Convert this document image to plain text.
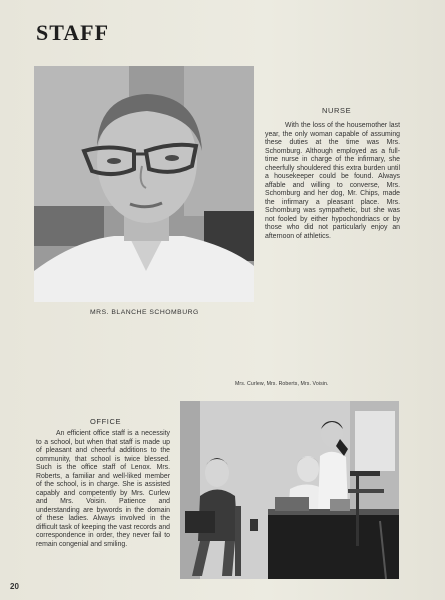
STAFF
NURSE
With the loss of the housemother last year, the only woman capable of assuming these duties at the time was Mrs. Schomburg. Although employed as a full-time nurse in charge of the infirmary, she cheerfully shouldered this extra burden until a housekeeper could be found. Always affable and willing to converse, Mrs. Schomburg and her dog, Mr. Chips, made the infirmary a pleasant place. Mrs. Schomburg was sympathetic, but she was not fooled by either hypochondriacs or by those who did not particularly enjoy an afternoon of athletics.
MRS. BLANCHE SCHOMBURG
Mrs. Curlew, Mrs. Roberts, Mrs. Voisin.
OFFICE
An efficient office staff is a necessity to a school, but when that staff is made up of pleasant and cheerful additions to the community, that school is twice blessed. Such is the office staff of Lenox. Mrs. Roberts, a familiar and well-liked member of the school, is in charge. She is assisted capably and competently by Mrs. Curlew and Mrs. Voisin. Patience and understanding are bywords in the domain of these ladies. Always involved in the difficult task of keeping the vast records and correspondence in order, they never fail to remain congenial and smiling.
20
